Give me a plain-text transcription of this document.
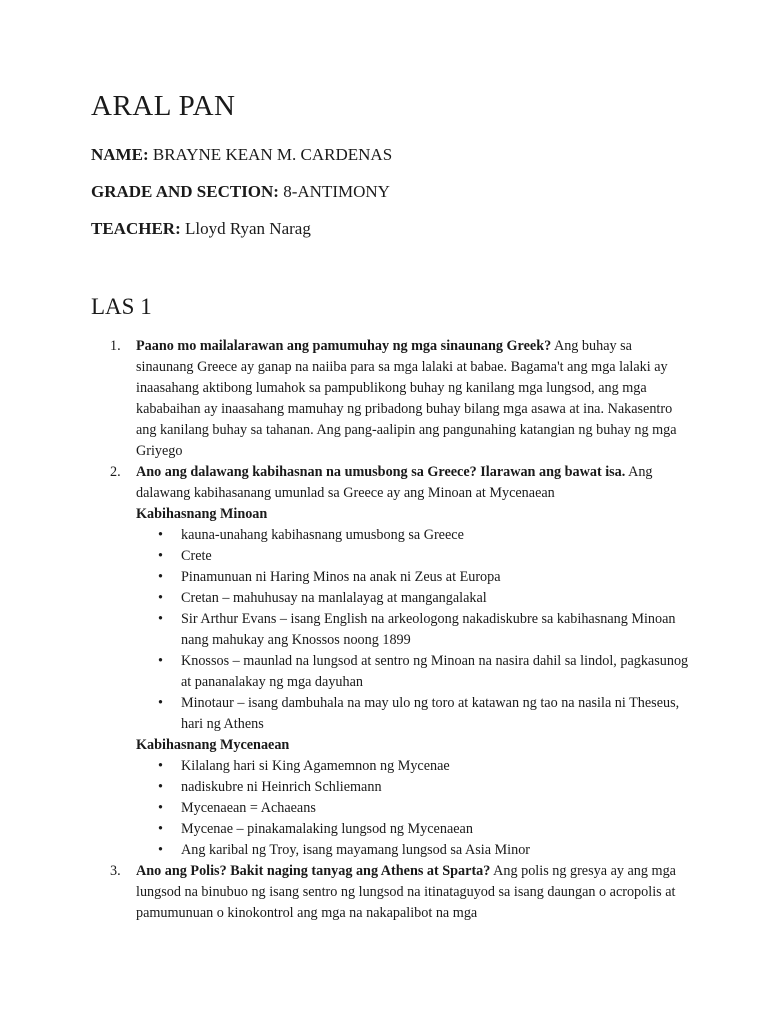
ARAL PAN
NAME: BRAYNE KEAN M. CARDENAS
GRADE AND SECTION: 8-ANTIMONY
TEACHER: Lloyd Ryan Narag
LAS 1
1. Paano mo mailalarawan ang pamumuhay ng mga sinaunang Greek? Ang buhay sa sinaunang Greece ay ganap na naiiba para sa mga lalaki at babae. Bagama't ang mga lalaki ay inaasahang aktibong lumahok sa pampublikong buhay ng kanilang mga lungsod, ang mga kababaihan ay inaasahang mamuhay ng pribadong buhay bilang mga asawa at ina. Nakasentro ang kanilang buhay sa tahanan. Ang pang-aalipin ang pangunahing katangian ng buhay ng mga Griyego
2. Ano ang dalawang kabihasnan na umusbong sa Greece? Ilarawan ang bawat isa. Ang dalawang kabihasanang umunlad sa Greece ay ang Minoan at Mycenaean
Kabihasnang Minoan
• kauna-unahang kabihasnang umusbong sa Greece
• Crete
• Pinamunuan ni Haring Minos na anak ni Zeus at Europa
• Cretan – mahuhusay na manlalayag at mangangalakal
• Sir Arthur Evans – isang English na arkeologong nakadiskubre sa kabihasnang Minoan nang mahukay ang Knossos noong 1899
• Knossos – maunlad na lungsod at sentro ng Minoan na nasira dahil sa lindol, pagkasunog at pananalakay ng mga dayuhan
• Minotaur – isang dambuhala na may ulo ng toro at katawan ng tao na nasila ni Theseus, hari ng Athens
Kabihasnang Mycenaean
• Kilalang hari si King Agamemnon ng Mycenae
• nadiskubre ni Heinrich Schliemann
• Mycenaean = Achaeans
• Mycenae – pinakamalaking lungsod ng Mycenaean
• Ang karibal ng Troy, isang mayamang lungsod sa Asia Minor
3. Ano ang Polis? Bakit naging tanyag ang Athens at Sparta? Ang polis ng gresya ay ang mga lungsod na binubuo ng isang sentro ng lungsod na itinataguyod sa isang daungan o acropolis at pamumunuan o kinokontrol ang mga na nakapalibot na mga
